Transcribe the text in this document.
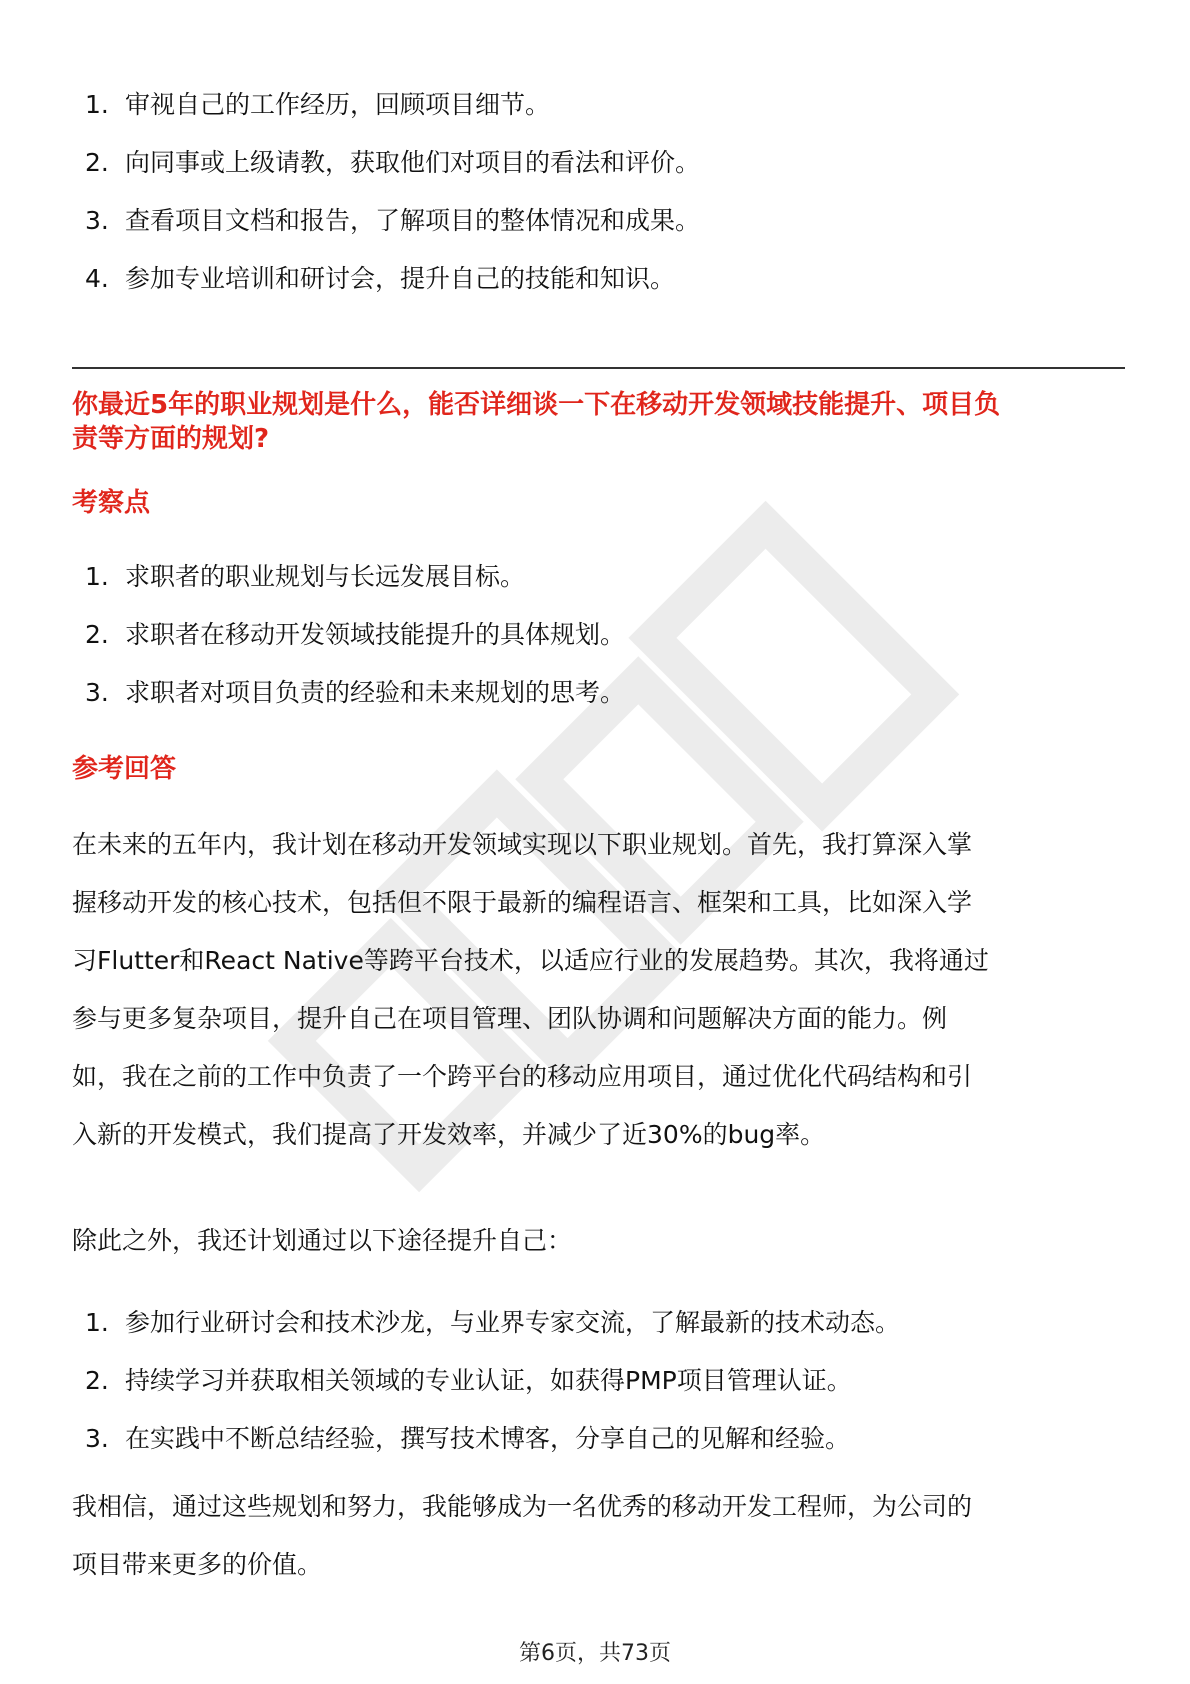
1. 审视自己的工作经历，回顾项目细节。
2. 向同事或上级请教，获取他们对项目的看法和评价。
3. 查看项目文档和报告，了解项目的整体情况和成果。
4. 参加专业培训和研讨会，提升自己的技能和知识。
你最近5年的职业规划是什么，能否详细谈一下在移动开发领域技能提升、项目负
责等方面的规划?
考察点
1. 求职者的职业规划与长远发展目标。
2. 求职者在移动开发领域技能提升的具体规划。
3. 求职者对项目负责的经验和未来规划的思考。
参考回答

在未来的五年内，我计划在移动开发领域实现以下职业规划。首先，我打算深入掌
握移动开发的核心技术，包括但不限于最新的编程语言、框架和工具，比如深入学
习Flutter和React Native等跨平台技术，以适应行业的发展趋势。其次，我将通过
参与更多复杂项目，提升自己在项目管理、团队协调和问题解决方面的能力。例
如，我在之前的工作中负责了一个跨平台的移动应用项目，通过优化代码结构和引
入新的开发模式，我们提高了开发效率，并减少了近30%的bug率。

除此之外，我还计划通过以下途径提升自己：

1. 参加行业研讨会和技术沙龙，与业界专家交流，了解最新的技术动态。
2. 持续学习并获取相关领域的专业认证，如获得PMP项目管理认证。
3. 在实践中不断总结经验，撰写技术博客，分享自己的见解和经验。

我相信，通过这些规划和努力，我能够成为一名优秀的移动开发工程师，为公司的
项目带来更多的价值。

第6页，共73页
